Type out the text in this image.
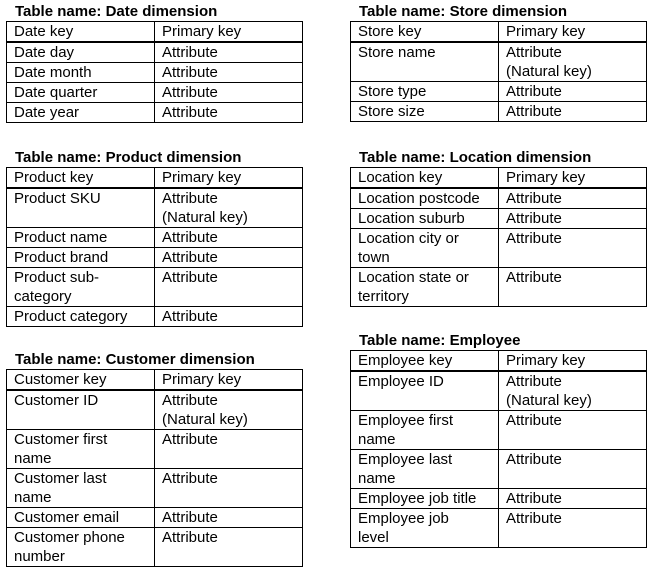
Table name: Date dimension
Date key	Primary key
Date day	Attribute
Date month	Attribute
Date quarter	Attribute
Date year	Attribute
Table name: Store dimension
Store key	Primary key
Store name	Attribute
(Natural key)
Store type	Attribute
Store size	Attribute
Table name: Product dimension
Product key	Primary key
Product SKU	Attribute
(Natural key)
Product name	Attribute
Product brand	Attribute
Product sub-
category	Attribute
Product category	Attribute
Table name: Location dimension
Location key	Primary key
Location postcode	Attribute
Location suburb	Attribute
Location city or
town	Attribute
Location state or
territory	Attribute
Table name: Customer dimension
Customer key	Primary key
Customer ID	Attribute
(Natural key)
Customer first
name	Attribute
Customer last
name	Attribute
Customer email	Attribute
Customer phone
number	Attribute
Table name: Employee
Employee key	Primary key
Employee ID	Attribute
(Natural key)
Employee first
name	Attribute
Employee last
name	Attribute
Employee job title	Attribute
Employee job
level	Attribute
